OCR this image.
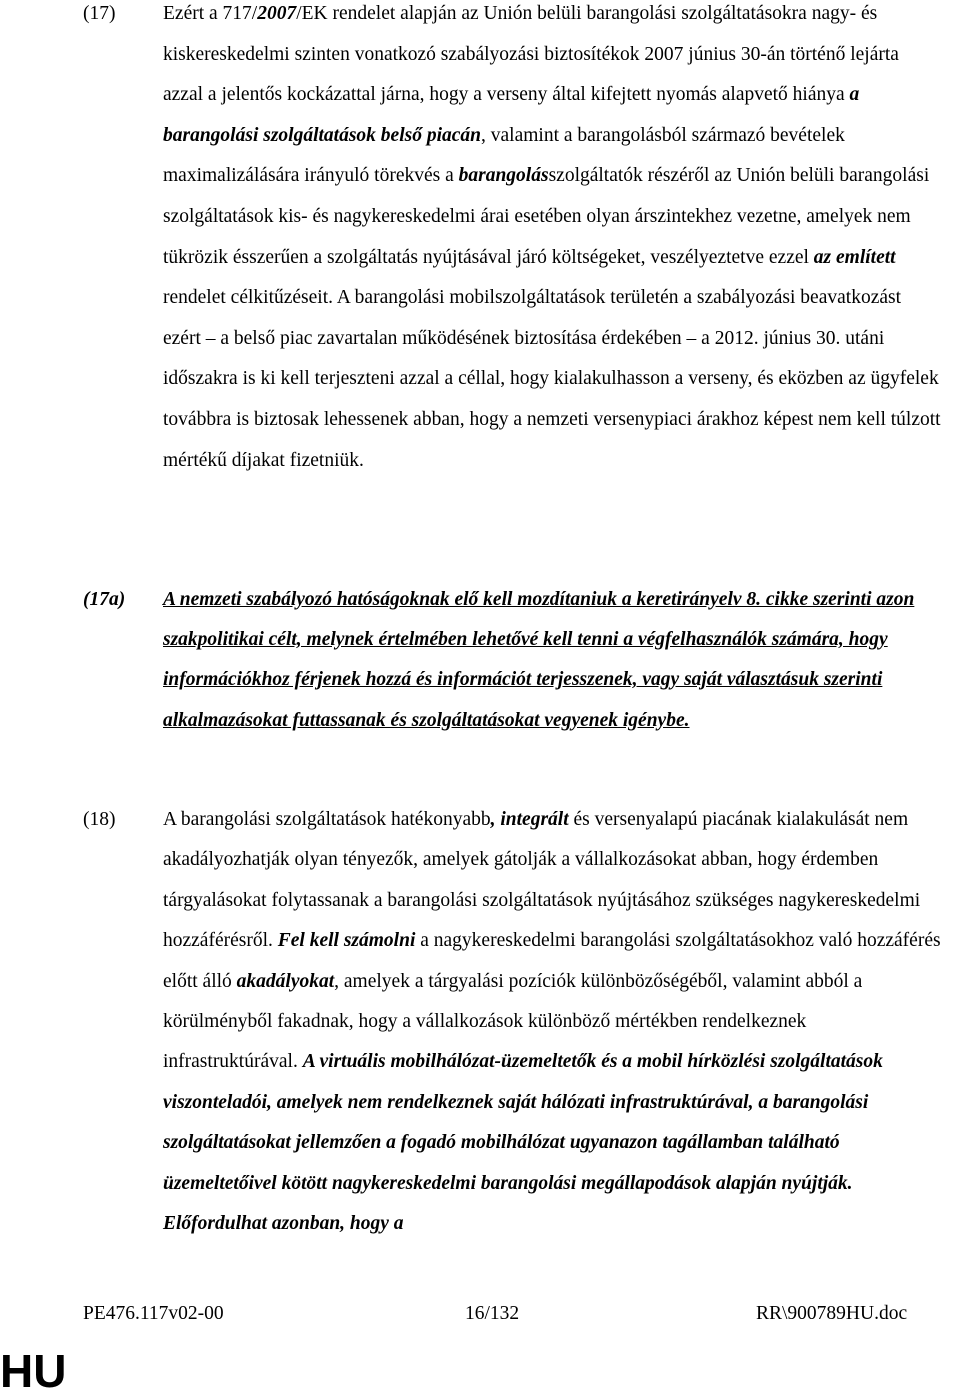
(17) Ezért a 717/2007/EK rendelet alapján az Unión belüli barangolási szolgáltatásokra nagy- és kiskereskedelmi szinten vonatkozó szabályozási biztosítékok 2007 június 30-án történő lejárta azzal a jelentős kockázattal járna, hogy a verseny által kifejtett nyomás alapvető hiánya a barangolási szolgáltatások belső piacán, valamint a barangolásból származó bevételek maximalizálására irányuló törekvés a barangolásszolgáltatók részéről az Unión belüli barangolási szolgáltatások kis- és nagykereskedelmi árai esetében olyan árszintekhez vezetne, amelyek nem tükrözik ésszerűen a szolgáltatás nyújtásával járó költségeket, veszélyeztetve ezzel az említett rendelet célkitűzéseit. A barangolási mobilszolgáltatások területén a szabályozási beavatkozást ezért – a belső piac zavartalan működésének biztosítása érdekében – a 2012. június 30. utáni időszakra is ki kell terjeszteni azzal a céllal, hogy kialakulhasson a verseny, és eközben az ügyfelek továbbra is biztosak lehessenek abban, hogy a nemzeti versenypiaci árakhoz képest nem kell túlzott mértékű díjakat fizetniük.

(17a) A nemzeti szabályozó hatóságoknak elő kell mozdítaniuk a keretirányelv 8. cikke szerinti azon szakpolitikai célt, melynek értelmében lehetővé kell tenni a végfelhasználók számára, hogy információkhoz férjenek hozzá és információt terjesszenek, vagy saját választásuk szerinti alkalmazásokat futtassanak és szolgáltatásokat vegyenek igénybe.

(18) A barangolási szolgáltatások hatékonyabb, integrált és versenyalapú piacának kialakulását nem akadályozhatják olyan tényezők, amelyek gátolják a vállalkozásokat abban, hogy érdemben tárgyalásokat folytassanak a barangolási szolgáltatások nyújtásához szükséges nagykereskedelmi hozzáférésről. Fel kell számolni a nagykereskedelmi barangolási szolgáltatásokhoz való hozzáférés előtt álló akadályokat, amelyek a tárgyalási pozíciók különbözőségéből, valamint abból a körülményből fakadnak, hogy a vállalkozások különböző mértékben rendelkeznek infrastruktúrával. A virtuális mobilhálózat-üzemeltetők és a mobil hírközlési szolgáltatások viszonteladói, amelyek nem rendelkeznek saját hálózati infrastruktúrával, a barangolási szolgáltatásokat jellemzően a fogadó mobilhálózat ugyanazon tagállamban található üzemeltetőivel kötött nagykereskedelmi barangolási megállapodások alapján nyújtják. Előfordulhat azonban, hogy a

PE476.117v02-00	16/132	RR\900789HU.doc
HU
